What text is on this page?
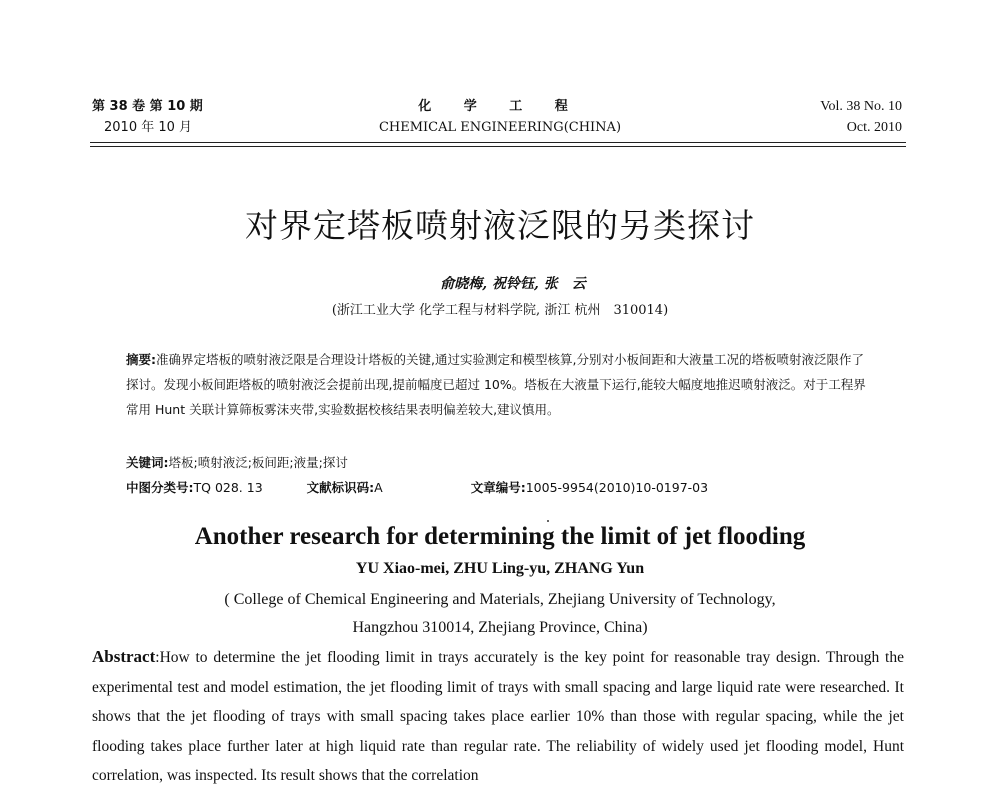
第 38 卷 第 10 期
2010 年 10 月
化 学 工 程
CHEMICAL ENGINEERING(CHINA)
Vol. 38 No. 10
Oct. 2010
对界定塔板喷射液泛限的另类探讨
俞晓梅, 祝铃钰, 张　云
(浙江工业大学 化学工程与材料学院, 浙江 杭州　310014)
摘要:准确界定塔板的喷射液泛限是合理设计塔板的关键,通过实验测定和模型核算,分别对小板间距和大液量工况的塔板喷射液泛限作了探讨。发现小板间距塔板的喷射液泛会提前出现,提前幅度已超过 10%。塔板在大液量下运行,能较大幅度地推迟喷射液泛。对于工程界常用 Hunt 关联计算筛板雾沫夹带,实验数据校核结果表明偏差较大,建议慎用。
关键词:塔板;喷射液泛;板间距;液量;探讨
中图分类号:TQ 028. 13	文献标识码:A	文章编号:1005-9954(2010)10-0197-03
Another research for determining the limit of jet flooding
YU Xiao-mei, ZHU Ling-yu, ZHANG Yun
( College of Chemical Engineering and Materials, Zhejiang University of Technology,
Hangzhou 310014, Zhejiang Province, China)
Abstract:How to determine the jet flooding limit in trays accurately is the key point for reasonable tray design. Through the experimental test and model estimation, the jet flooding limit of trays with small spacing and large liquid rate were researched. It shows that the jet flooding of trays with small spacing takes place earlier 10% than those with regular spacing, while the jet flooding takes place further later at high liquid rate than regular rate. The reliability of widely used jet flooding model, Hunt correlation, was inspected. Its result shows that the correlation
